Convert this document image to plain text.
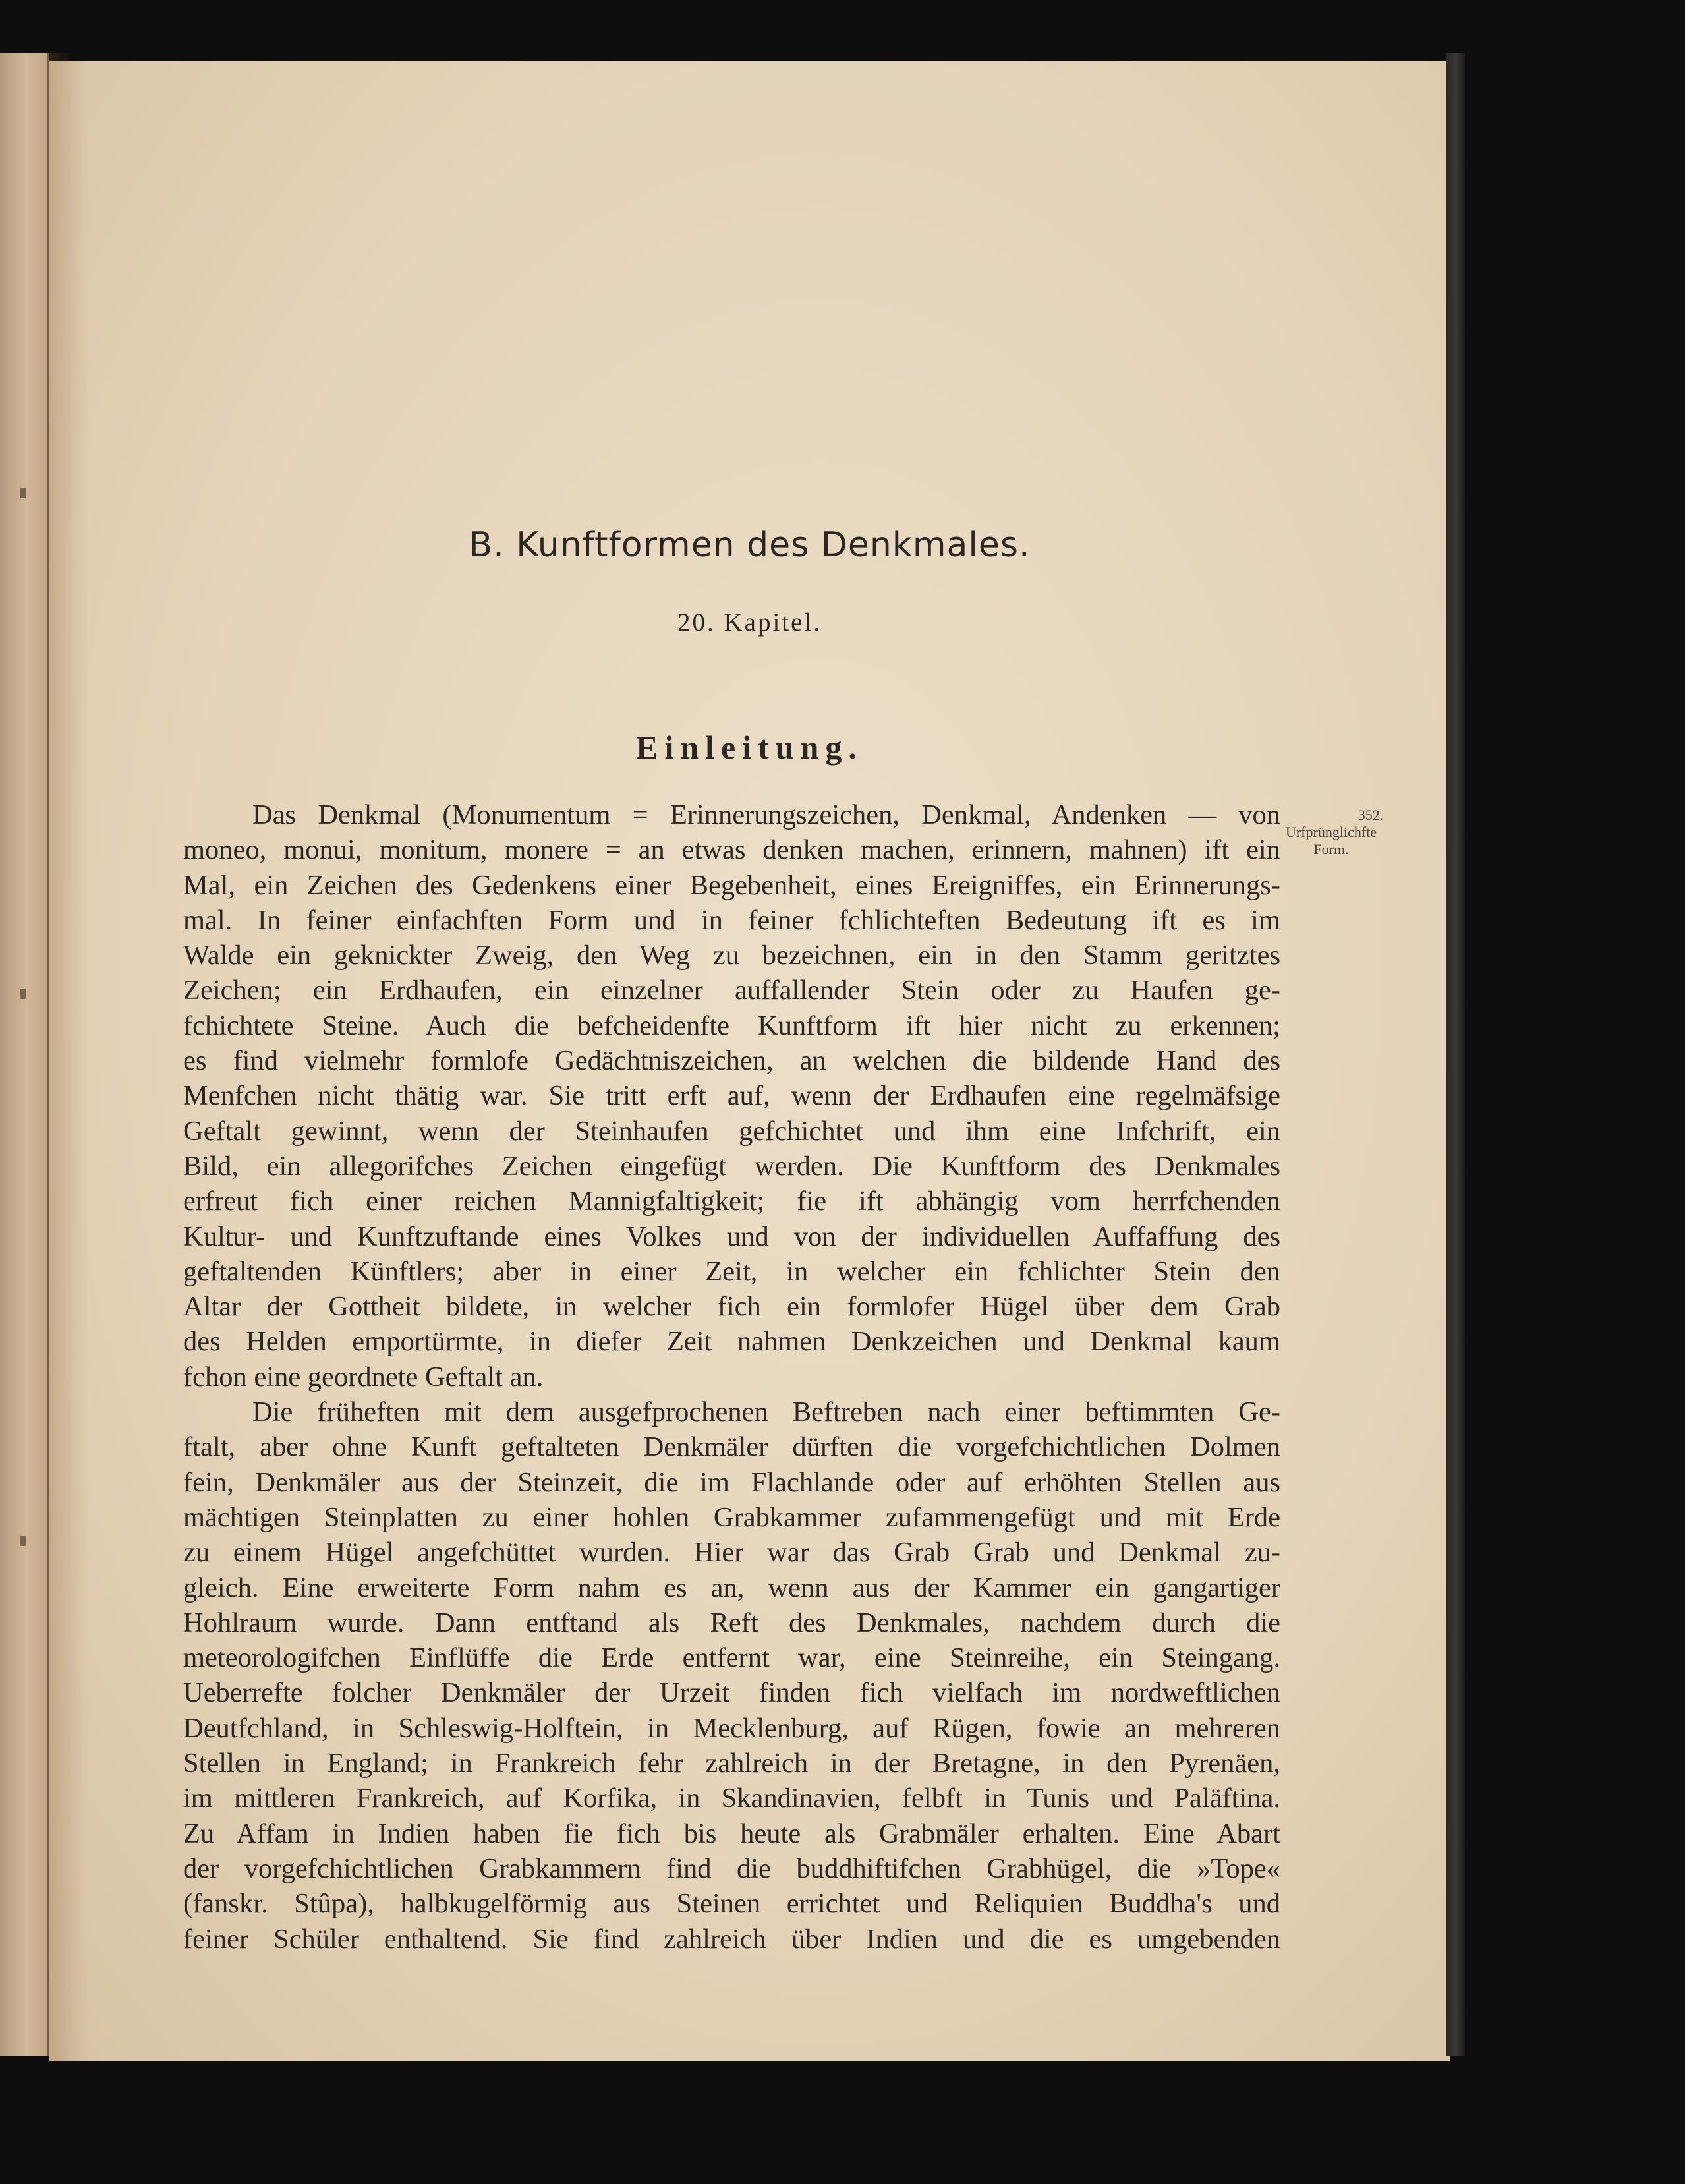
B. Kunftformen des Denkmales.
20. Kapitel.
Einleitung.
352.
Urfprünglichfte
Form.

Das Denkmal (Monumentum = Erinnerungszeichen, Denkmal, Andenken — von

moneo, monui, monitum, monere = an etwas denken machen, erinnern, mahnen) ift ein

Mal, ein Zeichen des Gedenkens einer Begebenheit, eines Ereigniffes, ein Erinnerungs-

mal. In feiner einfachften Form und in feiner fchlichteften Bedeutung ift es im

Walde ein geknickter Zweig, den Weg zu bezeichnen, ein in den Stamm geritztes

Zeichen; ein Erdhaufen, ein einzelner auffallender Stein oder zu Haufen ge-

fchichtete Steine. Auch die befcheidenfte Kunftform ift hier nicht zu erkennen;

es find vielmehr formlofe Gedächtniszeichen, an welchen die bildende Hand des

Menfchen nicht thätig war. Sie tritt erft auf, wenn der Erdhaufen eine regelmäfsige

Geftalt gewinnt, wenn der Steinhaufen gefchichtet und ihm eine Infchrift, ein

Bild, ein allegorifches Zeichen eingefügt werden. Die Kunftform des Denkmales

erfreut fich einer reichen Mannigfaltigkeit; fie ift abhängig vom herrfchenden

Kultur- und Kunftzuftande eines Volkes und von der individuellen Auffaffung des

geftaltenden Künftlers; aber in einer Zeit, in welcher ein fchlichter Stein den

Altar der Gottheit bildete, in welcher fich ein formlofer Hügel über dem Grab

des Helden emportürmte, in diefer Zeit nahmen Denkzeichen und Denkmal kaum

fchon eine geordnete Geftalt an.

Die früheften mit dem ausgefprochenen Beftreben nach einer beftimmten Ge-

ftalt, aber ohne Kunft geftalteten Denkmäler dürften die vorgefchichtlichen Dolmen

fein, Denkmäler aus der Steinzeit, die im Flachlande oder auf erhöhten Stellen aus

mächtigen Steinplatten zu einer hohlen Grabkammer zufammengefügt und mit Erde

zu einem Hügel angefchüttet wurden. Hier war das Grab Grab und Denkmal zu-

gleich. Eine erweiterte Form nahm es an, wenn aus der Kammer ein gangartiger

Hohlraum wurde. Dann entftand als Reft des Denkmales, nachdem durch die

meteorologifchen Einflüffe die Erde entfernt war, eine Steinreihe, ein Steingang.

Ueberrefte folcher Denkmäler der Urzeit finden fich vielfach im nordweftlichen

Deutfchland, in Schleswig-Holftein, in Mecklenburg, auf Rügen, fowie an mehreren

Stellen in England; in Frankreich fehr zahlreich in der Bretagne, in den Pyrenäen,

im mittleren Frankreich, auf Korfika, in Skandinavien, felbft in Tunis und Paläftina.

Zu Affam in Indien haben fie fich bis heute als Grabmäler erhalten. Eine Abart

der vorgefchichtlichen Grabkammern find die buddhiftifchen Grabhügel, die »Tope«

(fanskr. Stûpa), halbkugelförmig aus Steinen errichtet und Reliquien Buddha's und

feiner Schüler enthaltend. Sie find zahlreich über Indien und die es umgebenden
